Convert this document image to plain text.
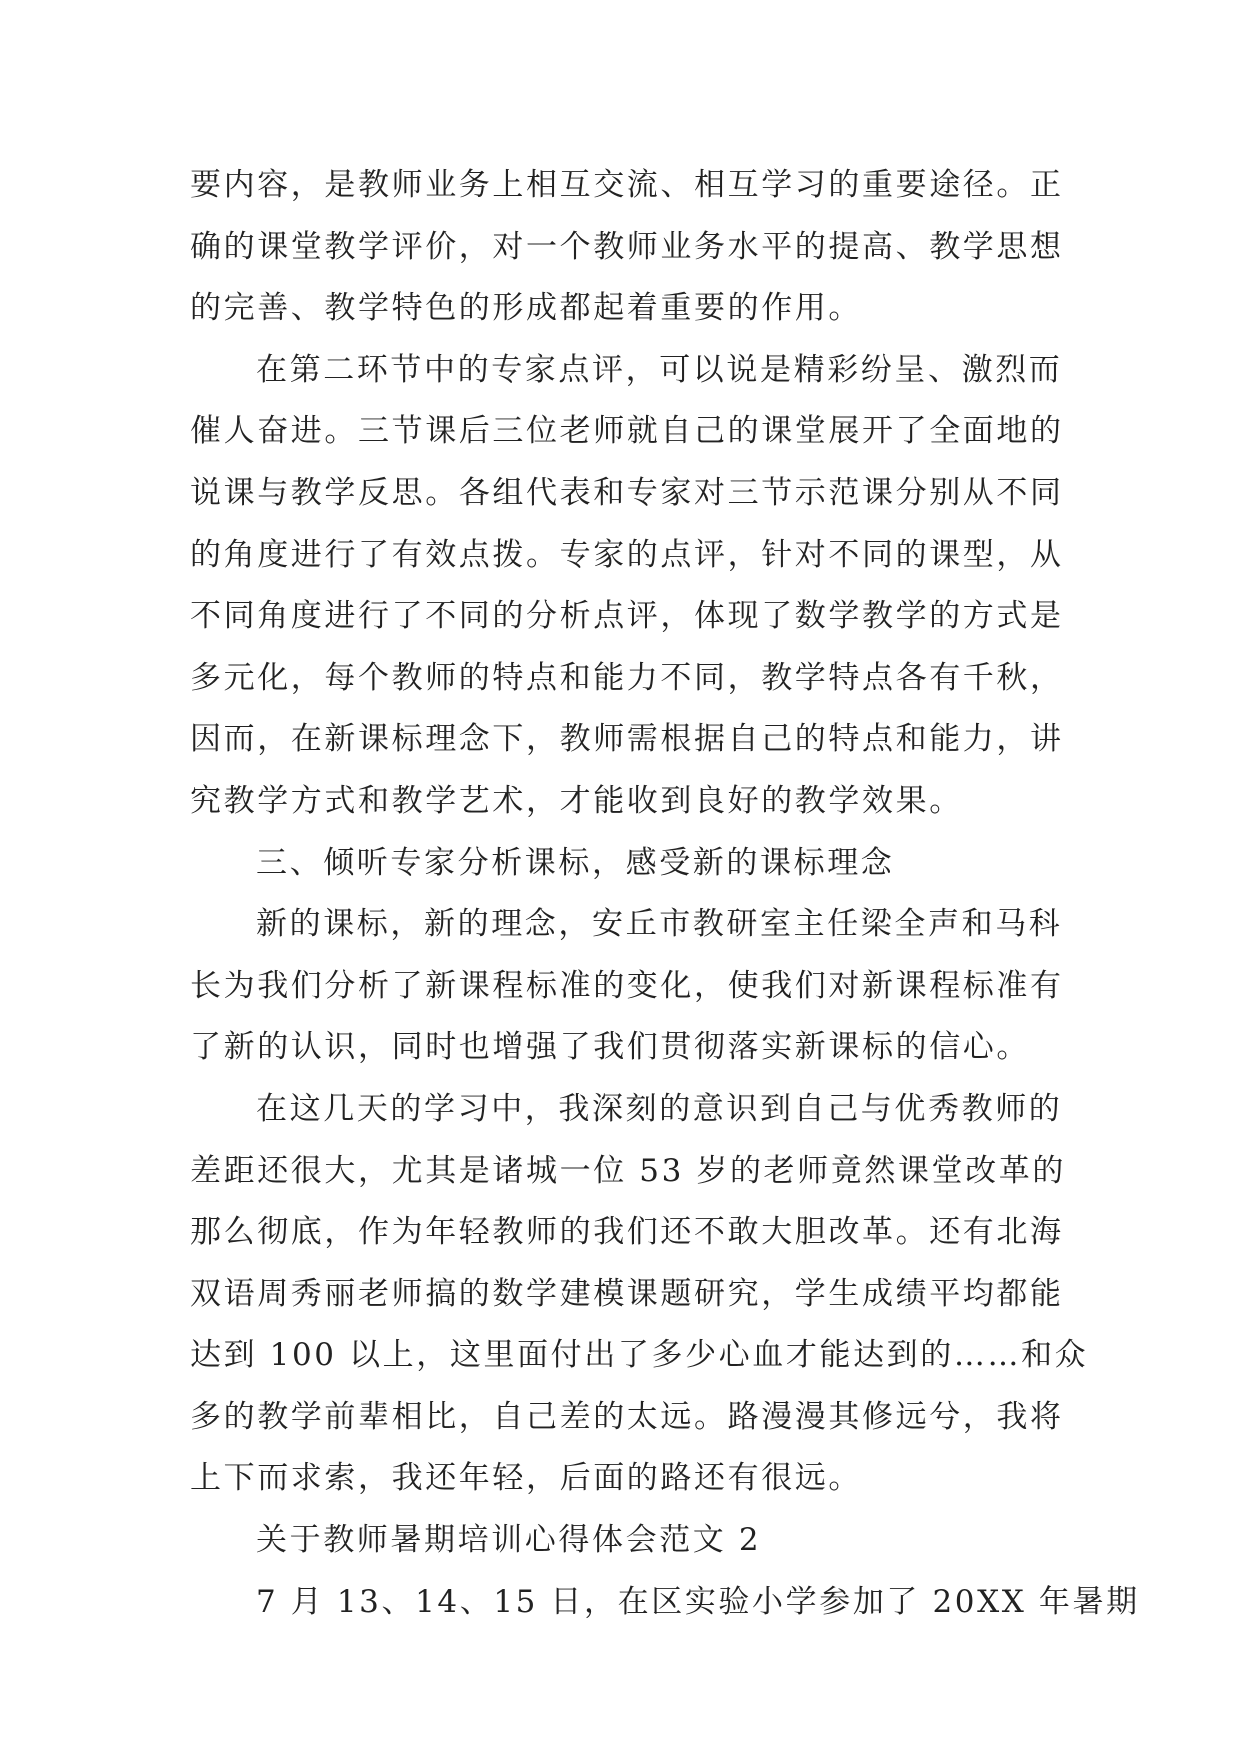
要内容，是教师业务上相互交流、相互学习的重要途径。正
确的课堂教学评价，对一个教师业务水平的提高、教学思想
的完善、教学特色的形成都起着重要的作用。
在第二环节中的专家点评，可以说是精彩纷呈、激烈而
催人奋进。三节课后三位老师就自己的课堂展开了全面地的
说课与教学反思。各组代表和专家对三节示范课分别从不同
的角度进行了有效点拨。专家的点评，针对不同的课型，从
不同角度进行了不同的分析点评，体现了数学教学的方式是
多元化，每个教师的特点和能力不同，教学特点各有千秋，
因而，在新课标理念下，教师需根据自己的特点和能力，讲
究教学方式和教学艺术，才能收到良好的教学效果。
三、倾听专家分析课标，感受新的课标理念
新的课标，新的理念，安丘市教研室主任梁全声和马科
长为我们分析了新课程标准的变化，使我们对新课程标准有
了新的认识，同时也增强了我们贯彻落实新课标的信心。
在这几天的学习中，我深刻的意识到自己与优秀教师的
差距还很大，尤其是诸城一位 53 岁的老师竟然课堂改革的
那么彻底，作为年轻教师的我们还不敢大胆改革。还有北海
双语周秀丽老师搞的数学建模课题研究，学生成绩平均都能
达到 100 以上，这里面付出了多少心血才能达到的……和众
多的教学前辈相比，自己差的太远。路漫漫其修远兮，我将
上下而求索，我还年轻，后面的路还有很远。
关于教师暑期培训心得体会范文 2
7 月 13、14、15 日，在区实验小学参加了 20XX 年暑期
